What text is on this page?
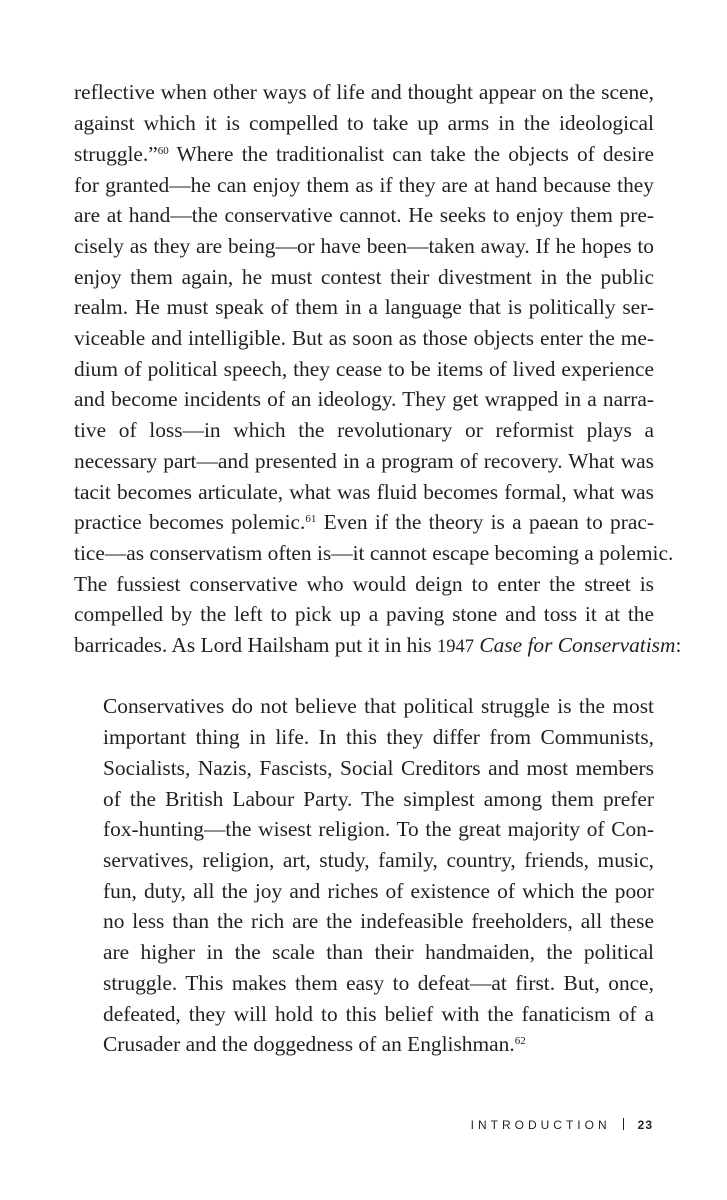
reflective when other ways of life and thought appear on the scene,

against which it is compelled to take up arms in the ideological

struggle.”$^{60}$ Where the traditionalist can take the objects of desire

for granted—he can enjoy them as if they are at hand because they

are at hand—the conservative cannot. He seeks to enjoy them pre-

cisely as they are being—or have been—taken away. If he hopes to

enjoy them again, he must contest their divestment in the public

realm. He must speak of them in a language that is politically ser-

viceable and intelligible. But as soon as those objects enter the me-

dium of political speech, they cease to be items of lived experience

and become incidents of an ideology. They get wrapped in a narra-

tive of loss—in which the revolutionary or reformist plays a

necessary part—and presented in a program of recovery. What was

tacit becomes articulate, what was fluid becomes formal, what was

practice becomes polemic.$^{61}$ Even if the theory is a paean to prac-

tice—as conservatism often is—it cannot escape becoming a polemic.

The fussiest conservative who would deign to enter the street is

compelled by the left to pick up a paving stone and toss it at the

barricades. As Lord Hailsham put it in his 1947 Case for Conservatism:

Conservatives do not believe that political struggle is the most

important thing in life. In this they differ from Communists,

Socialists, Nazis, Fascists, Social Creditors and most members

of the British Labour Party. The simplest among them prefer

fox-hunting—the wisest religion. To the great majority of Con-

servatives, religion, art, study, family, country, friends, music,

fun, duty, all the joy and riches of existence of which the poor

no less than the rich are the indefeasible freeholders, all these

are higher in the scale than their handmaiden, the political

struggle. This makes them easy to defeat—at first. But, once,

defeated, they will hold to this belief with the fanaticism of a

Crusader and the doggedness of an Englishman.$^{62}$

INTRODUCTION 23
